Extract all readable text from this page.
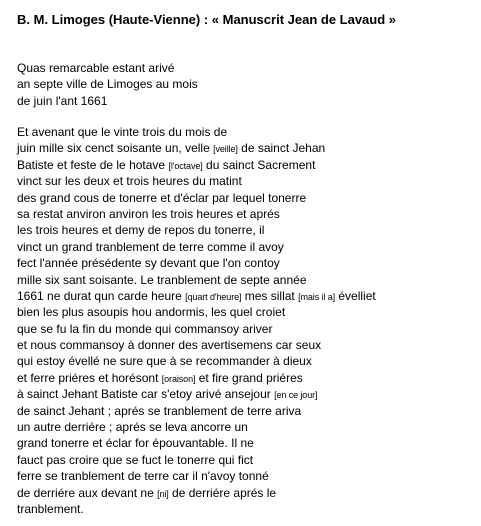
B. M. Limoges (Haute-Vienne) : « Manuscrit Jean de Lavaud »
Quas remarcable estant arivé
an septe ville de Limoges au mois
de juin l'ant 1661
Et avenant que le vinte trois du mois de
juin mille six cenct soisante un, velle [veille] de sainct Jehan
Batiste et feste de le hotave [l'octave] du sainct Sacrement
vinct sur les deux et trois heures du matint
des grand cous de tonerre et d'éclar par lequel tonerre
sa restat anviron anviron les trois heures et aprés
les trois heures et demy de repos du tonerre, il
vinct un grand tranblement de terre comme il avoy
fect l'année présédente sy devant que l'on contoy
mille six sant soisante. Le tranblement de septe année
1661 ne durat qun carde heure [quart d'heure] mes sillat [mais il a] évelliet
bien les plus asoupis hou andormis, les quel croiet
que se fu la fin du monde qui commansoy ariver
et nous commansoy à donner des avertisemens car seux
qui estoy évellé ne sure que à se recommander à dieux
et ferre priéres et horésont [oraison] et fire grand priéres
à sainct Jehant Batiste car s'etoy arivé ansejour [en ce jour]
de sainct Jehant ; aprés se tranblement de terre ariva
un autre derriére ; aprés se leva ancorre un
grand tonerre et éclar for épouvantable. Il ne
fauct pas croire que se fuct le tonerre qui fict
ferre se tranblement de terre car il n'avoy tonné
de derriére aux devant ne [ni] de derriére aprés le
tranblement.
